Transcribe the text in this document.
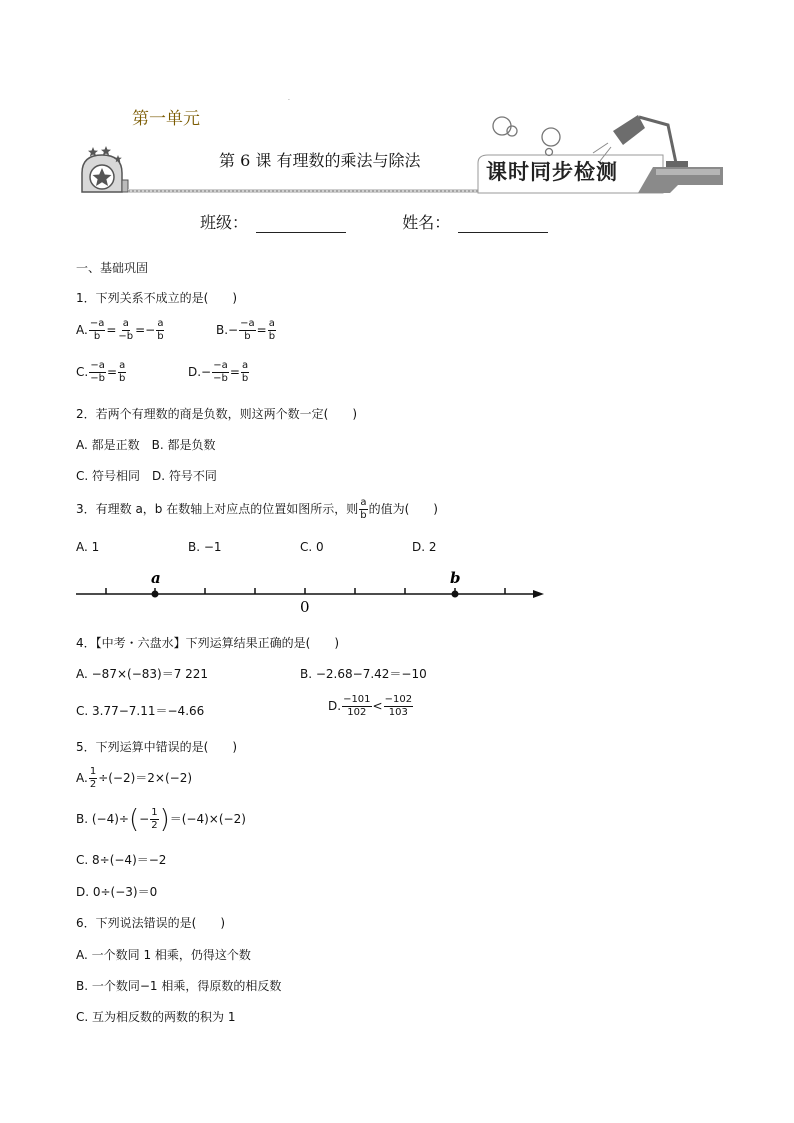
·
第一单元
第 6 课 有理数的乘法与除法	课时同步检测
班级：	姓名：
一、基础巩固
1．下列关系不成立的是(　　)
A. $\frac{-a}{b} = \frac{a}{-b} =- \frac{a}{b}$	$B.- \frac{-a}{b} = \frac{a}{b}$
C. $\frac{-a}{-b} = \frac{a}{b}$	$D.- \frac{-a}{-b} = \frac{a}{b}$
2．若两个有理数的商是负数，则这两个数一定(　　)
A. 都是正数　B. 都是负数
C. 符号相同　D. 符号不同
3．有理数 a，b 在数轴上对应点的位置如图所示，则 $\frac{a}{b}$ 的值为(　　)
A. 1	B. −1	C. 0	D. 2
a	b
0
4．【中考・六盘水】下列运算结果正确的是(　　)
A. −87×(−83)＝7 221	B. −2.68−7.42＝−10
C. 3.77−7.11＝−4.66	D. $\frac{-101}{102} < \frac{-102}{103}$
5．下列运算中错误的是(　　)
A. $\frac{1}{2} \div(-2)=2\times(-2)$
B. $(-4)\div(- \frac{1}{2} )=(-4)\times(-2)$
C. 8÷(−4)＝−2
D. 0÷(−3)＝0
6．下列说法错误的是(　　)
A. 一个数同 1 相乘，仍得这个数
B. 一个数同−1 相乘，得原数的相反数
C. 互为相反数的两数的积为 1
